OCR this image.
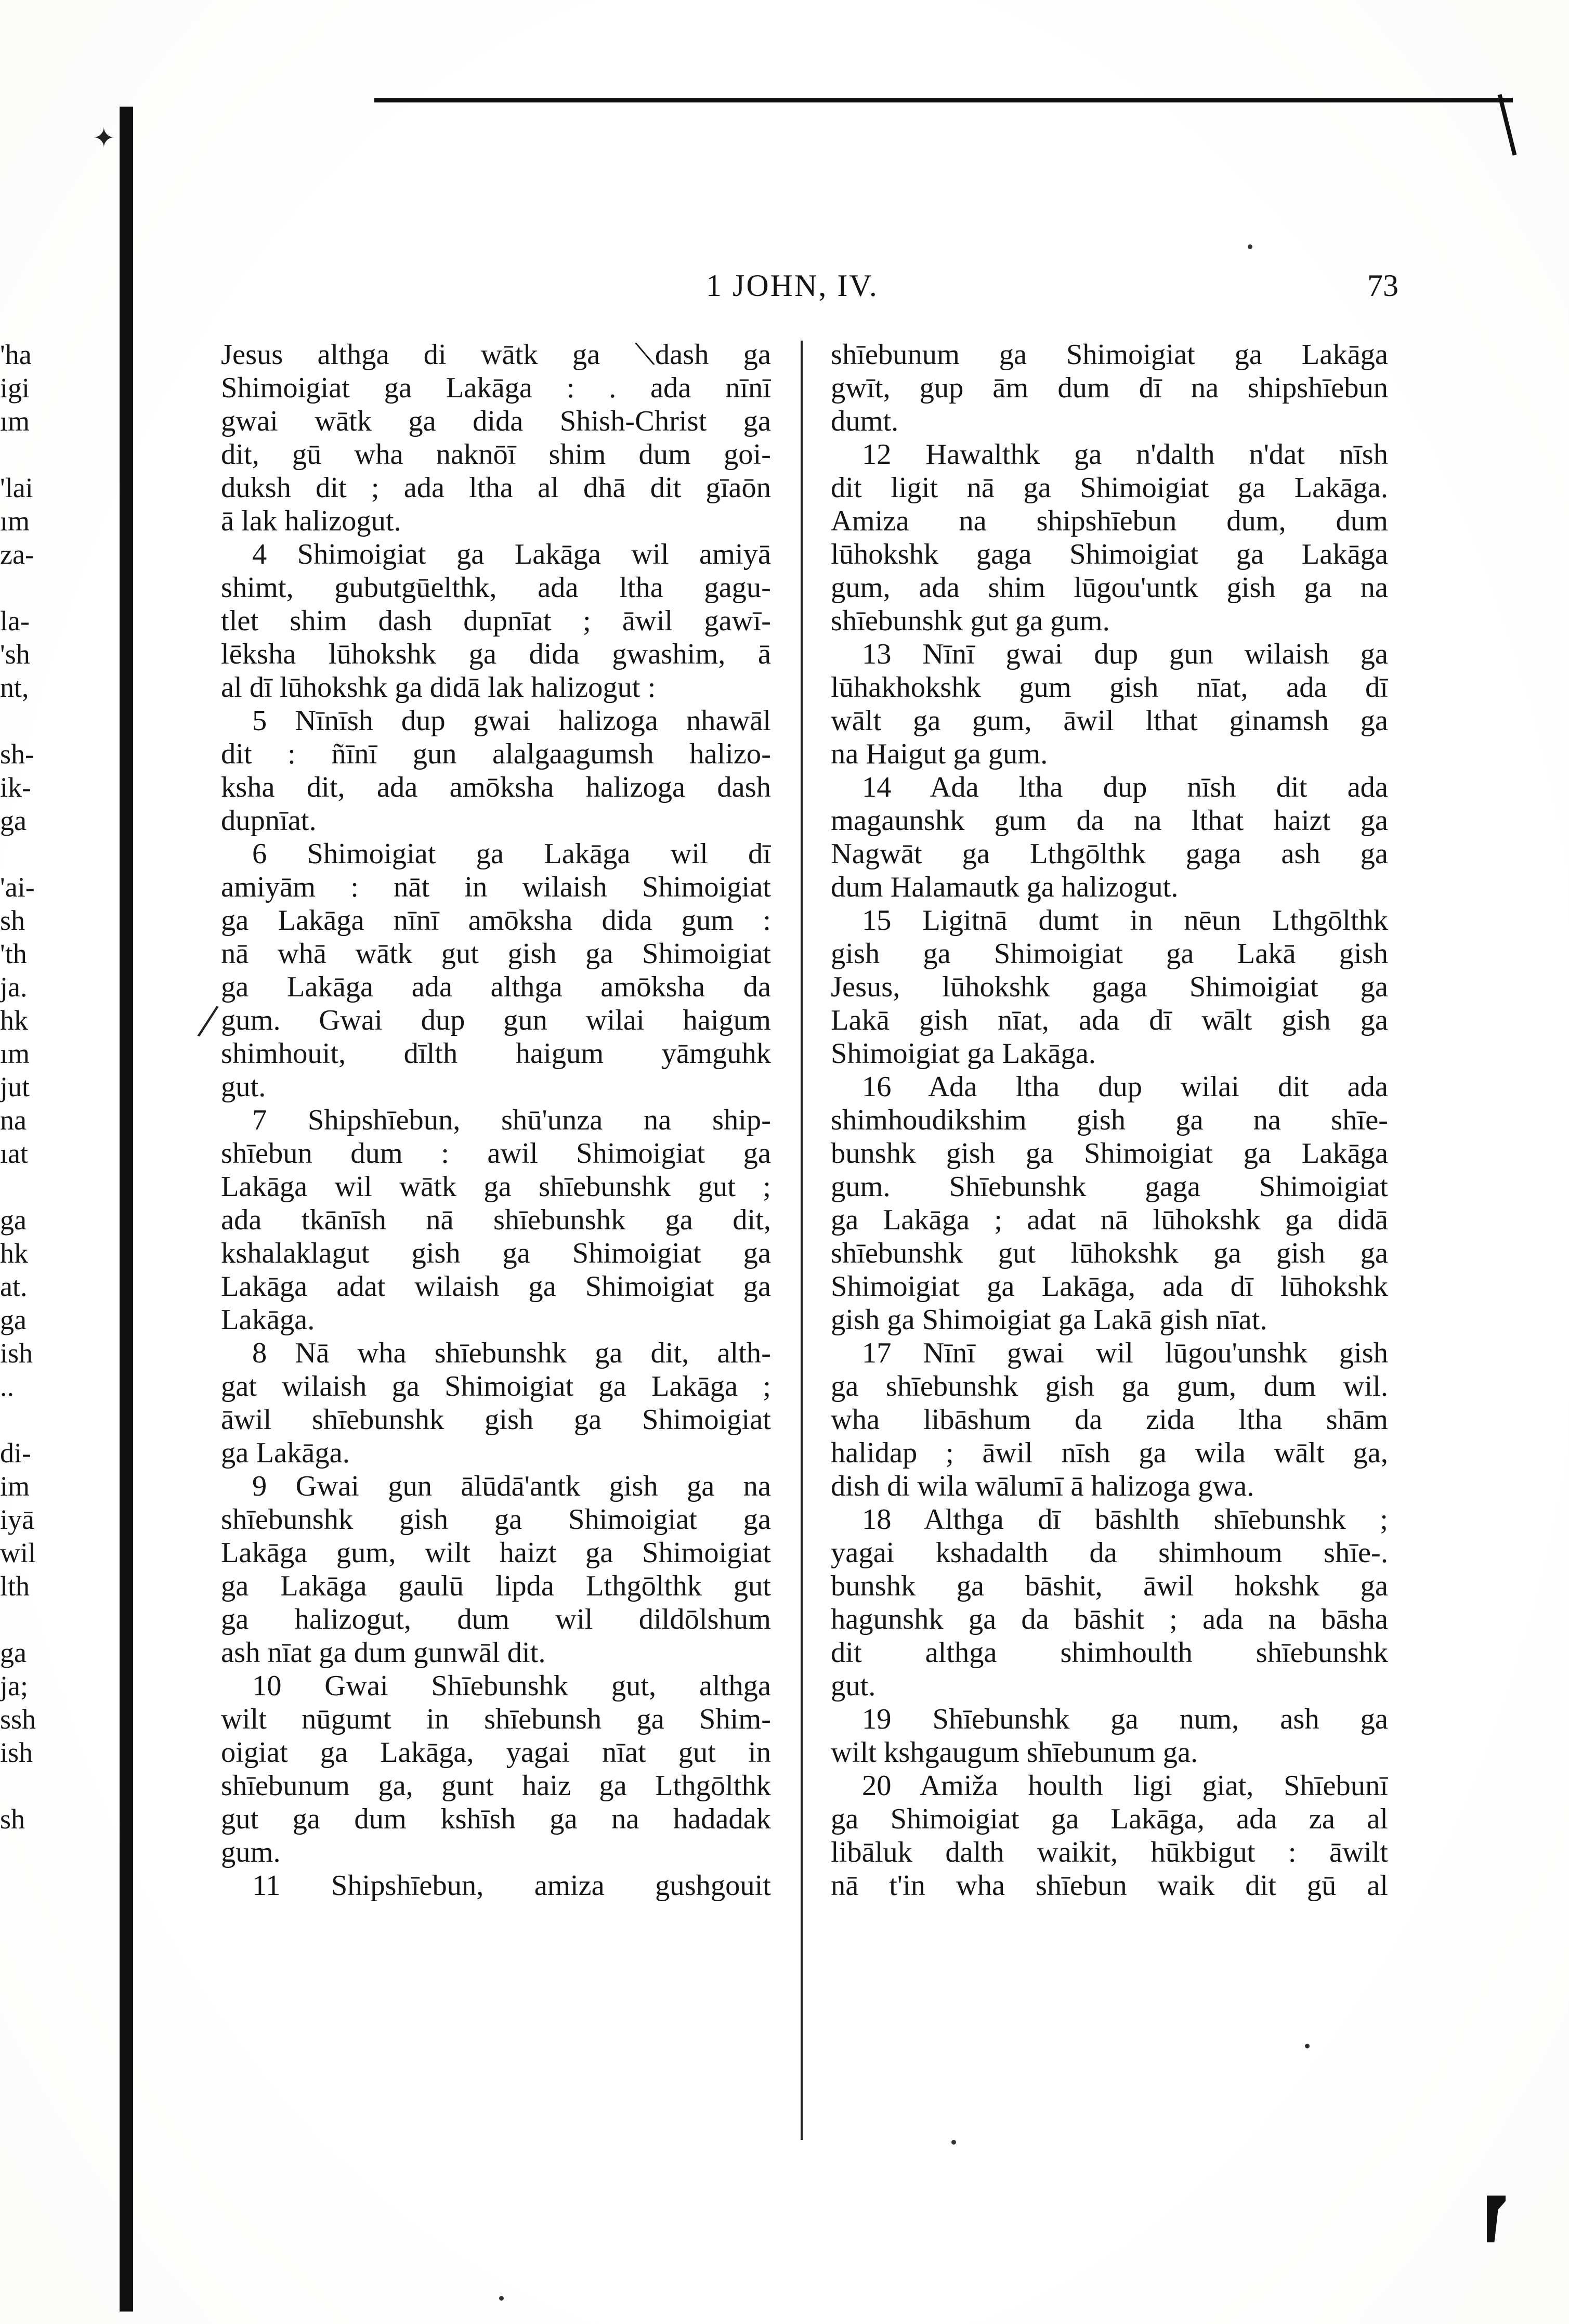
✦
'ha
igi
ım
'lai
ım
za-
la-
'sh
nt,
sh-
ik-
ga
'ai-
sh
'th
ja.
hk
ım
jut
na
ıat
ga
hk
at.
ga
ish
..
di-
im
iyā
wil
lth
ga
ja;
ssh
ish
sh
1 JOHN, IV.	73
Jesus althga di wātk ga ⟍dash ga
Shimoigiat ga Lakāga : . ada nīnī
gwai wātk ga dida Shish-Christ ga
dit, gū wha naknōī shim dum goi-
duksh dit ; ada ltha al dhā dit gīaōn
ā lak halizogut.
4 Shimoigiat ga Lakāga wil amiyā
shimt, gubutgūelthk, ada ltha gagu-
tlet shim dash dupnīat ; āwil gawī-
lēksha lūhokshk ga dida gwashim, ā
al dī lūhokshk ga didā lak halizogut :
5 Nīnīsh dup gwai halizoga nhawāl
dit : ñīnī gun alalgaagumsh halizo-
ksha dit, ada amōksha halizoga dash
dupnīat.
6 Shimoigiat ga Lakāga wil dī
amiyām : nāt in wilaish Shimoigiat
ga Lakāga nīnī amōksha dida gum :
nā whā wātk gut gish ga Shimoigiat
ga Lakāga ada althga amōksha da
gum. Gwai dup gun wilai haigum
shimhouit, dīlth haigum yāmguhk
gut.
7 Shipshīebun, shū'unza na ship-
shīebun dum : awil Shimoigiat ga
Lakāga wil wātk ga shīebunshk gut ;
ada tkānīsh nā shīebunshk ga dit,
kshalaklagut gish ga Shimoigiat ga
Lakāga adat wilaish ga Shimoigiat ga
Lakāga.
8 Nā wha shīebunshk ga dit, alth-
gat wilaish ga Shimoigiat ga Lakāga ;
āwil shīebunshk gish ga Shimoigiat
ga Lakāga.
9 Gwai gun ālūdā'antk gish ga na
shīebunshk gish ga Shimoigiat ga
Lakāga gum, wilt haizt ga Shimoigiat
ga Lakāga gaulū lipda Lthgōlthk gut
ga halizogut, dum wil dildōlshum
ash nīat ga dum gunwāl dit.
10 Gwai Shīebunshk gut, althga
wilt nūgumt in shīebunsh ga Shim-
oigiat ga Lakāga, yagai nīat gut in
shīebunum ga, gunt haiz ga Lthgōlthk
gut ga dum kshīsh ga na hadadak
gum.
11 Shipshīebun, amiza gushgouit
shīebunum ga Shimoigiat ga Lakāga
gwīt, gup ām dum dī na shipshīebun
dumt.
12 Hawalthk ga n'dalth n'dat nīsh
dit ligit nā ga Shimoigiat ga Lakāga.
Amiza na shipshīebun dum, dum
lūhokshk gaga Shimoigiat ga Lakāga
gum, ada shim lūgou'untk gish ga na
shīebunshk gut ga gum.
13 Nīnī gwai dup gun wilaish ga
lūhakhokshk gum gish nīat, ada dī
wālt ga gum, āwil lthat ginamsh ga
na Haigut ga gum.
14 Ada ltha dup nīsh dit ada
magaunshk gum da na lthat haizt ga
Nagwāt ga Lthgōlthk gaga ash ga
dum Halamautk ga halizogut.
15 Ligitnā dumt in nēun Lthgōlthk
gish ga Shimoigiat ga Lakā gish
Jesus, lūhokshk gaga Shimoigiat ga
Lakā gish nīat, ada dī wālt gish ga
Shimoigiat ga Lakāga.
16 Ada ltha dup wilai dit ada
shimhoudikshim gish ga na shīe-
bunshk gish ga Shimoigiat ga Lakāga
gum. Shīebunshk gaga Shimoigiat
ga Lakāga ; adat nā lūhokshk ga didā
shīebunshk gut lūhokshk ga gish ga
Shimoigiat ga Lakāga, ada dī lūhokshk
gish ga Shimoigiat ga Lakā gish nīat.
17 Nīnī gwai wil lūgou'unshk gish
ga shīebunshk gish ga gum, dum wil.
wha libāshum da zida ltha shām
halidap ; āwil nīsh ga wila wālt ga,
dish di wila wālumī ā halizoga gwa.
18 Althga dī bāshlth shīebunshk ;
yagai kshadalth da shimhoum shīe-.
bunshk ga bāshit, āwil hokshk ga
hagunshk ga da bāshit ; ada na bāsha
dit althga shimhoulth shīebunshk
gut.
19 Shīebunshk ga num, ash ga
wilt kshgaugum shīebunum ga.
20 Amiža houlth ligi giat, Shīebunī
ga Shimoigiat ga Lakāga, ada za al
libāluk dalth waikit, hūkbigut : āwilt
nā t'in wha shīebun waik dit gū al
/
